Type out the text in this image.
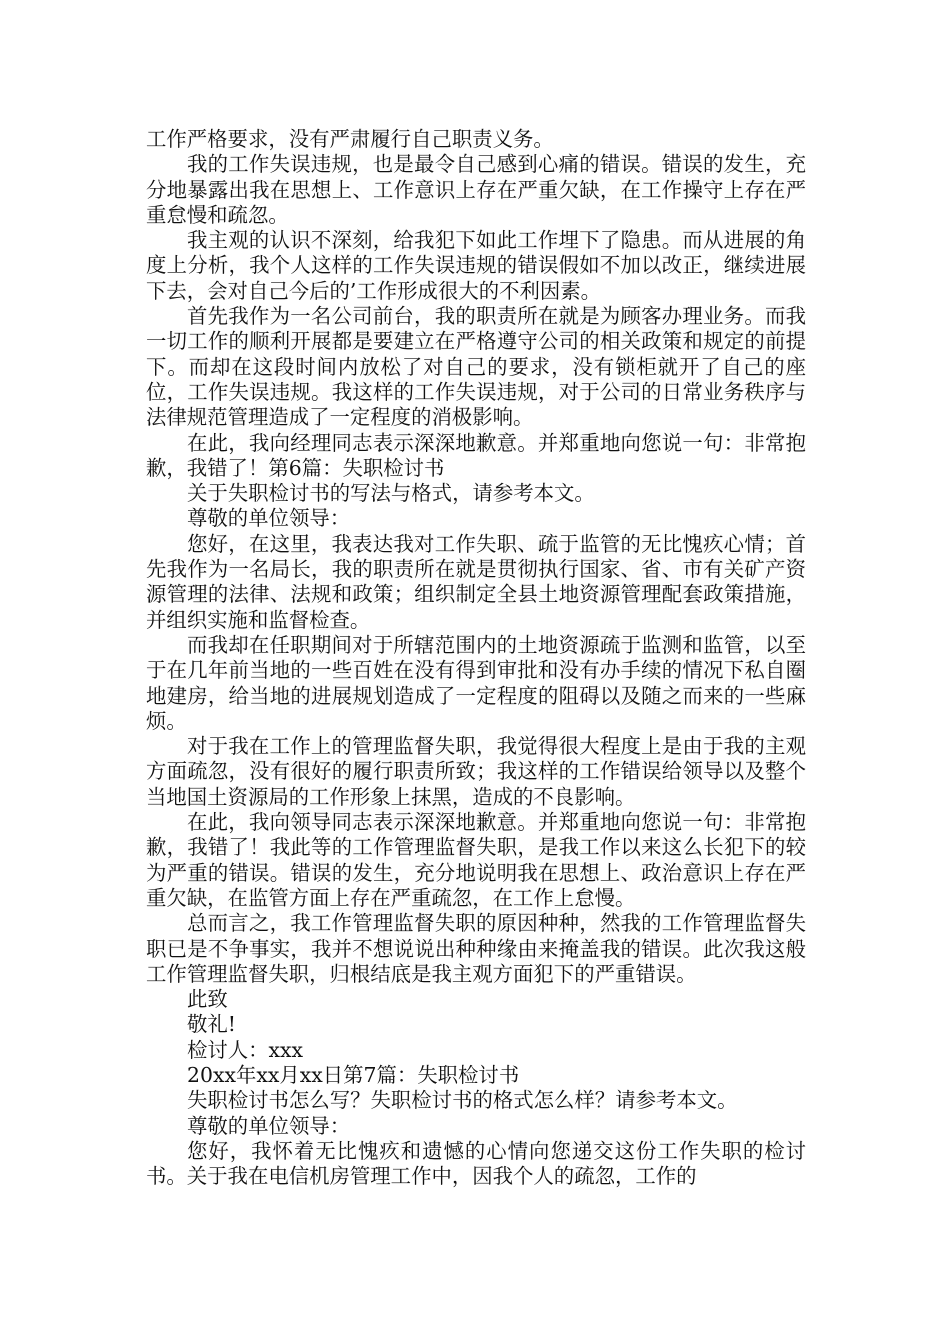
工作严格要求，没有严肃履行自己职责义务。

我的工作失误违规，也是最令自己感到心痛的错误。错误的发生，充分地暴露出我在思想上、工作意识上存在严重欠缺，在工作操守上存在严重怠慢和疏忽。

我主观的认识不深刻，给我犯下如此工作埋下了隐患。而从进展的角度上分析，我个人这样的工作失误违规的错误假如不加以改正，继续进展下去，会对自己今后的’工作形成很大的不利因素。

首先我作为一名公司前台，我的职责所在就是为顾客办理业务。而我一切工作的顺利开展都是要建立在严格遵守公司的相关政策和规定的前提下。而却在这段时间内放松了对自己的要求，没有锁柜就开了自己的座位，工作失误违规。我这样的工作失误违规，对于公司的日常业务秩序与法律规范管理造成了一定程度的消极影响。

在此，我向经理同志表示深深地歉意。并郑重地向您说一句：非常抱歉，我错了！第6篇：失职检讨书

关于失职检讨书的写法与格式，请参考本文。

尊敬的单位领导：

您好，在这里，我表达我对工作失职、疏于监管的无比愧疚心情；首先我作为一名局长，我的职责所在就是贯彻执行国家、省、市有关矿产资源管理的法律、法规和政策；组织制定全县土地资源管理配套政策措施，并组织实施和监督检查。

而我却在任职期间对于所辖范围内的土地资源疏于监测和监管，以至于在几年前当地的一些百姓在没有得到审批和没有办手续的情况下私自圈地建房，给当地的进展规划造成了一定程度的阻碍以及随之而来的一些麻烦。

对于我在工作上的管理监督失职，我觉得很大程度上是由于我的主观方面疏忽，没有很好的履行职责所致；我这样的工作错误给领导以及整个当地国土资源局的工作形象上抹黑，造成的不良影响。

在此，我向领导同志表示深深地歉意。并郑重地向您说一句：非常抱歉，我错了！我此等的工作管理监督失职，是我工作以来这么长犯下的较为严重的错误。错误的发生，充分地说明我在思想上、政治意识上存在严重欠缺，在监管方面上存在严重疏忽，在工作上怠慢。

总而言之，我工作管理监督失职的原因种种，然我的工作管理监督失职已是不争事实，我并不想说说出种种缘由来掩盖我的错误。此次我这般工作管理监督失职，归根结底是我主观方面犯下的严重错误。

此致

敬礼!

检讨人：xxx

20xx年xx月xx日第7篇：失职检讨书

失职检讨书怎么写？失职检讨书的格式怎么样？请参考本文。

尊敬的单位领导：

您好，我怀着无比愧疚和遗憾的心情向您递交这份工作失职的检讨书。关于我在电信机房管理工作中，因我个人的疏忽，工作的
